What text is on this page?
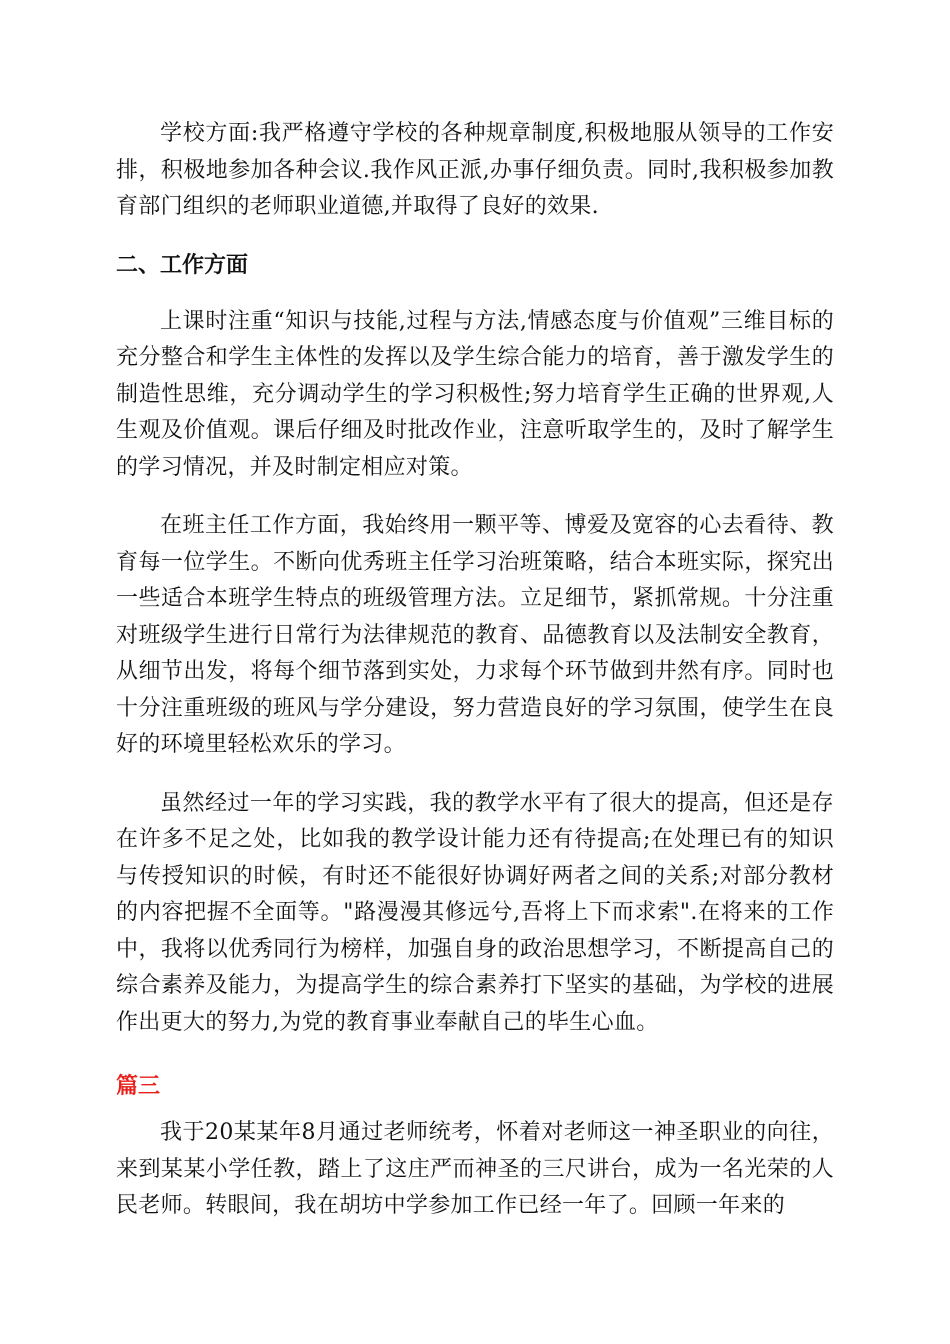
学校方面:我严格遵守学校的各种规章制度,积极地服从领导的工作安排，积极地参加各种会议.我作风正派,办事仔细负责。同时,我积极参加教育部门组织的老师职业道德,并取得了良好的效果.

二、工作方面

上课时注重“知识与技能,过程与方法,情感态度与价值观”三维目标的充分整合和学生主体性的发挥以及学生综合能力的培育，善于激发学生的制造性思维，充分调动学生的学习积极性;努力培育学生正确的世界观,人生观及价值观。课后仔细及时批改作业，注意听取学生的，及时了解学生的学习情况，并及时制定相应对策。

在班主任工作方面，我始终用一颗平等、博爱及宽容的心去看待、教育每一位学生。不断向优秀班主任学习治班策略，结合本班实际，探究出一些适合本班学生特点的班级管理方法。立足细节，紧抓常规。十分注重对班级学生进行日常行为法律规范的教育、品德教育以及法制安全教育，从细节出发，将每个细节落到实处，力求每个环节做到井然有序。同时也十分注重班级的班风与学分建设，努力营造良好的学习氛围，使学生在良好的环境里轻松欢乐的学习。

虽然经过一年的学习实践，我的教学水平有了很大的提高，但还是存在许多不足之处，比如我的教学设计能力还有待提高;在处理已有的知识与传授知识的时候，有时还不能很好协调好两者之间的关系;对部分教材的内容把握不全面等。"路漫漫其修远兮,吾将上下而求索".在将来的工作中，我将以优秀同行为榜样，加强自身的政治思想学习，不断提高自己的综合素养及能力，为提高学生的综合素养打下坚实的基础，为学校的进展作出更大的努力,为党的教育事业奉献自己的毕生心血。

篇三

我于20某某年8月通过老师统考，怀着对老师这一神圣职业的向往，来到某某小学任教，踏上了这庄严而神圣的三尺讲台，成为一名光荣的人民老师。转眼间，我在胡坊中学参加工作已经一年了。回顾一年来的
